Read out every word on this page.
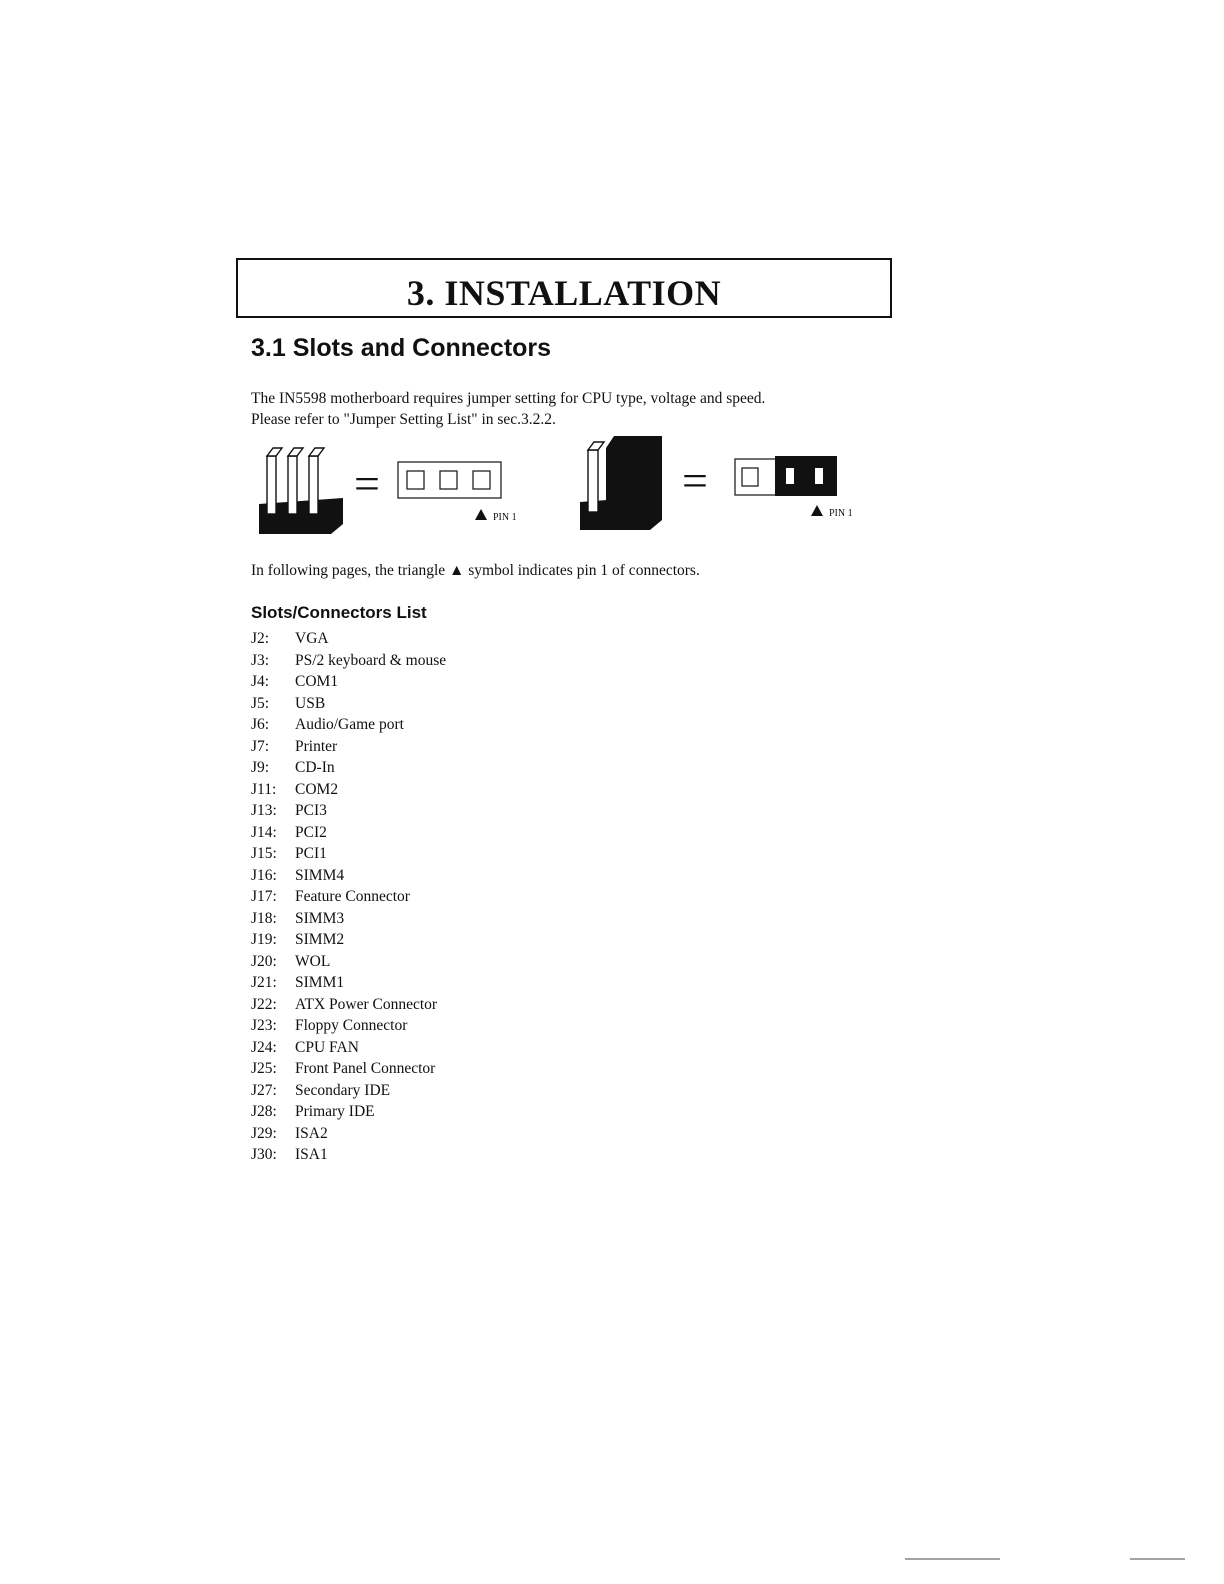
3. INSTALLATION
3.1 Slots and Connectors

The IN5598 motherboard requires jumper setting for CPU type, voltage and speed.

Please refer to "Jumper Setting List" in sec.3.2.2.

=
PIN 1
=
PIN 1
In following pages, the triangle ▲ symbol indicates pin 1 of connectors.
Slots/Connectors List
J2: VGA
J3: PS/2 keyboard & mouse
J4: COM1
J5: USB
J6: Audio/Game port
J7: Printer
J9: CD-In
J11: COM2
J13: PCI3
J14: PCI2
J15: PCI1
J16: SIMM4
J17: Feature Connector
J18: SIMM3
J19: SIMM2
J20: WOL
J21: SIMM1
J22: ATX Power Connector
J23: Floppy Connector
J24: CPU FAN
J25: Front Panel Connector
J27: Secondary IDE
J28: Primary IDE
J29: ISA2
J30: ISA1
